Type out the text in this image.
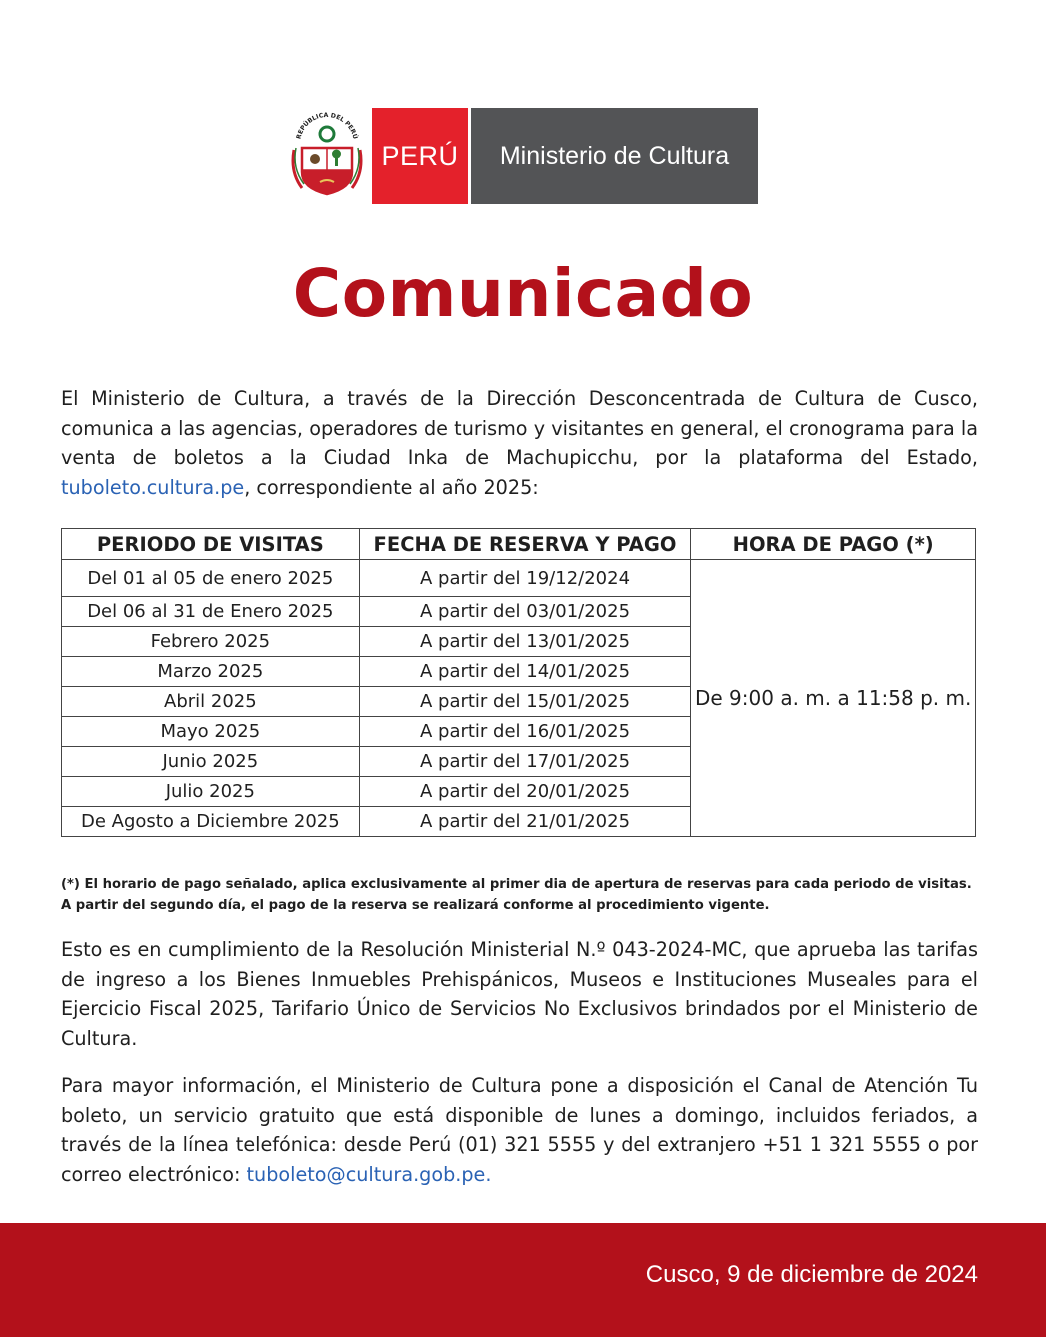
REPÚBLICA DEL PERÚ
PERÚ	Ministerio de Cultura
Comunicado
El Ministerio de Cultura, a través de la Dirección Desconcentrada de Cultura de Cusco, comunica a las agencias, operadores de turismo y visitantes en general, el cronograma para la venta de boletos a la Ciudad Inka de Machupicchu, por la plataforma del Estado, tuboleto.cultura.pe, correspondiente al año 2025:
PERIODO DE VISITAS	FECHA DE RESERVA Y PAGO	HORA DE PAGO (*)
Del 01 al 05 de enero 2025	A partir del 19/12/2024	De 9:00 a. m. a 11:58 p. m.
Del 06 al 31 de Enero 2025	A partir del 03/01/2025	
Febrero 2025	A partir del 13/01/2025	
Marzo 2025	A partir del 14/01/2025	
Abril 2025	A partir del 15/01/2025	
Mayo 2025	A partir del 16/01/2025	
Junio 2025	A partir del 17/01/2025	
Julio 2025	A partir del 20/01/2025	
De Agosto a Diciembre 2025	A partir del 21/01/2025	
(*) El horario de pago señalado, aplica exclusivamente al primer dia de apertura de reservas para cada periodo de visitas.
A partir del segundo día, el pago de la reserva se realizará conforme al procedimiento vigente.
Esto es en cumplimiento de la Resolución Ministerial N.º 043-2024-MC, que aprueba las tarifas de ingreso a los Bienes Inmuebles Prehispánicos, Museos e Instituciones Museales para el Ejercicio Fiscal 2025, Tarifario Único de Servicios No Exclusivos brindados por el Ministerio de Cultura.
Para mayor información, el Ministerio de Cultura pone a disposición el Canal de Atención Tu boleto, un servicio gratuito que está disponible de lunes a domingo, incluidos feriados, a través de la línea telefónica: desde Perú (01) 321 5555 y del extranjero +51 1 321 5555 o por correo electrónico: tuboleto@cultura.gob.pe.
Cusco, 9 de diciembre de 2024
